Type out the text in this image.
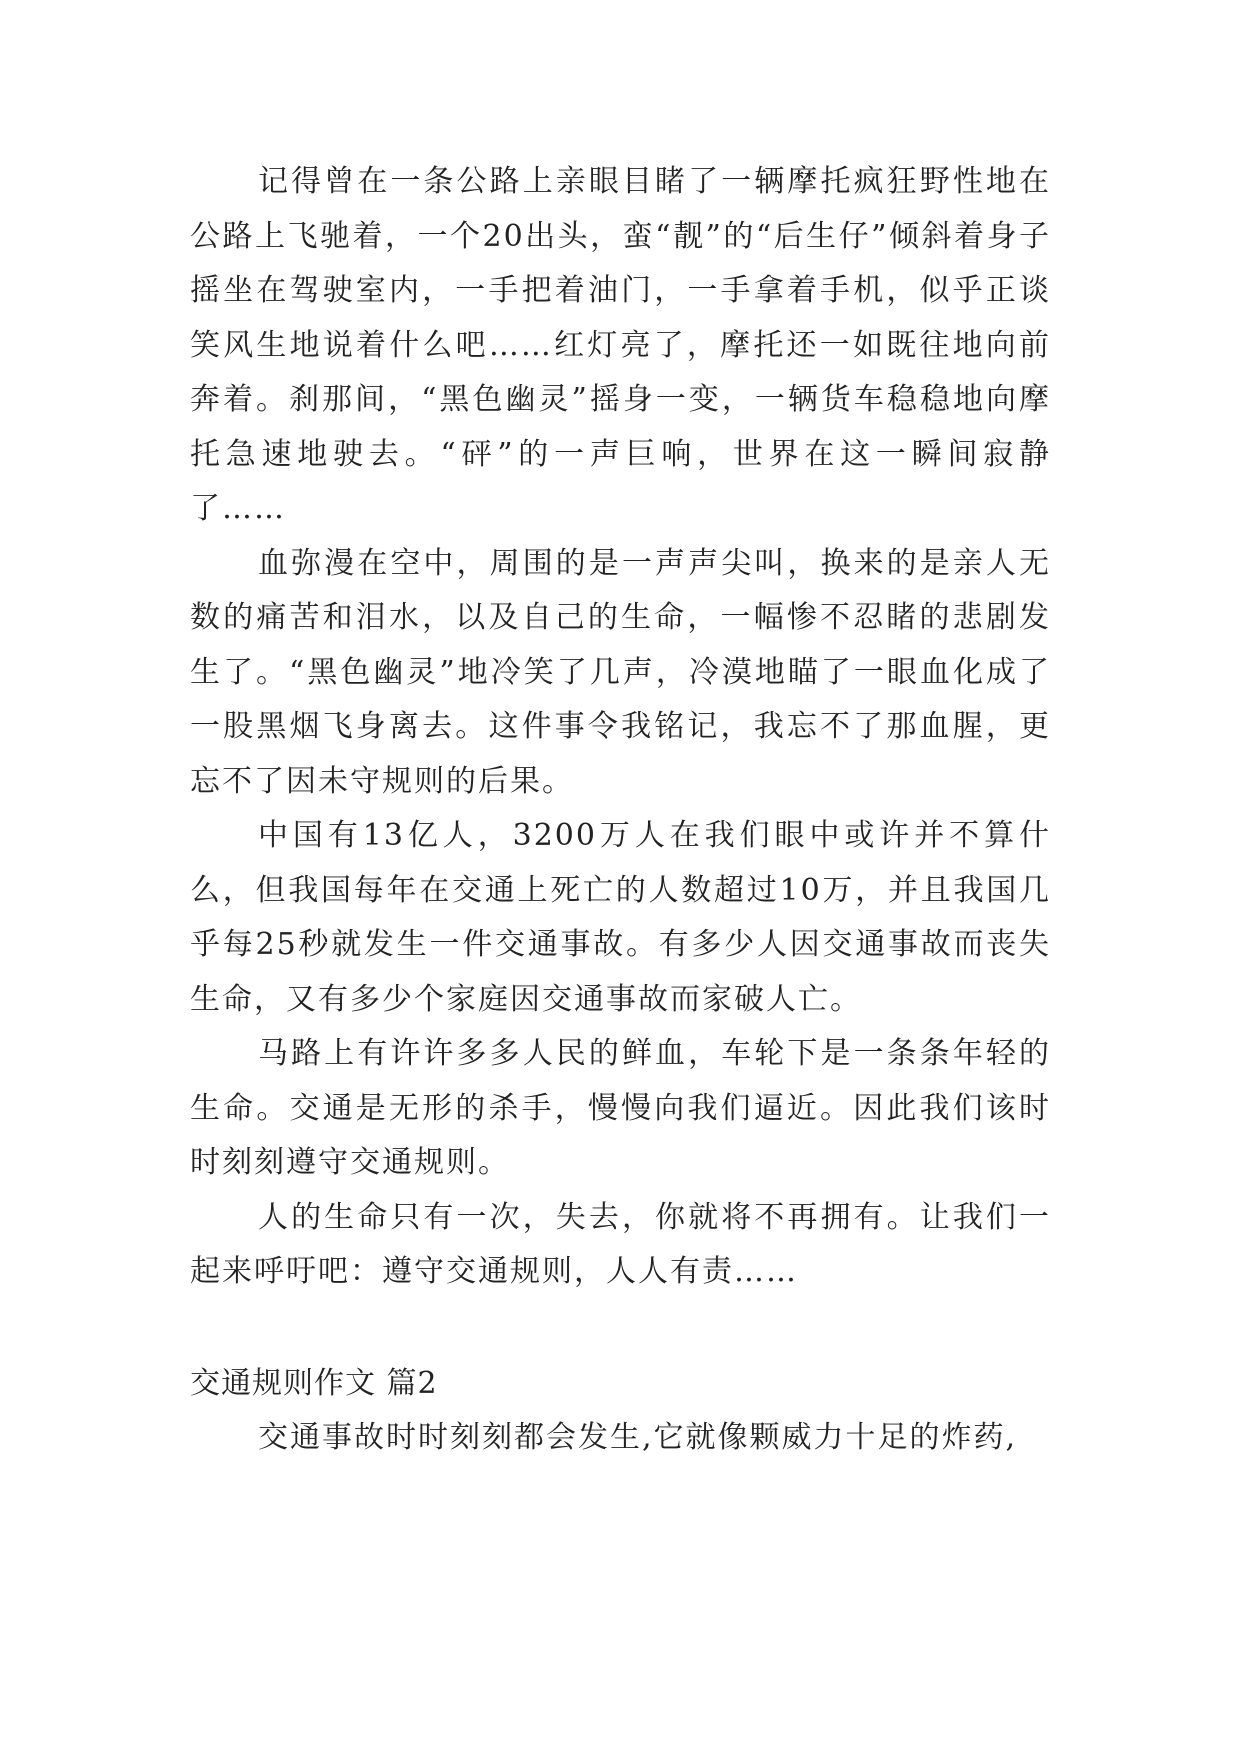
记得曾在一条公路上亲眼目睹了一辆摩托疯狂野性地在公路上飞驰着，一个20出头，蛮“靓”的“后生仔”倾斜着身子摇坐在驾驶室内，一手把着油门，一手拿着手机，似乎正谈笑风生地说着什么吧……红灯亮了，摩托还一如既往地向前奔着。刹那间，“黑色幽灵”摇身一变，一辆货车稳稳地向摩托急速地驶去。“砰”的一声巨响，世界在这一瞬间寂静了……

血弥漫在空中，周围的是一声声尖叫，换来的是亲人无数的痛苦和泪水，以及自己的生命，一幅惨不忍睹的悲剧发生了。“黑色幽灵”地冷笑了几声，冷漠地瞄了一眼血化成了一股黑烟飞身离去。这件事令我铭记，我忘不了那血腥，更忘不了因未守规则的后果。

中国有13亿人，3200万人在我们眼中或许并不算什么，但我国每年在交通上死亡的人数超过10万，并且我国几乎每25秒就发生一件交通事故。有多少人因交通事故而丧失生命，又有多少个家庭因交通事故而家破人亡。

马路上有许许多多人民的鲜血，车轮下是一条条年轻的生命。交通是无形的杀手，慢慢向我们逼近。因此我们该时时刻刻遵守交通规则。

人的生命只有一次，失去，你就将不再拥有。让我们一起来呼吁吧：遵守交通规则，人人有责……

交通规则作文 篇2

交通事故时时刻刻都会发生,它就像颗威力十足的炸药,
